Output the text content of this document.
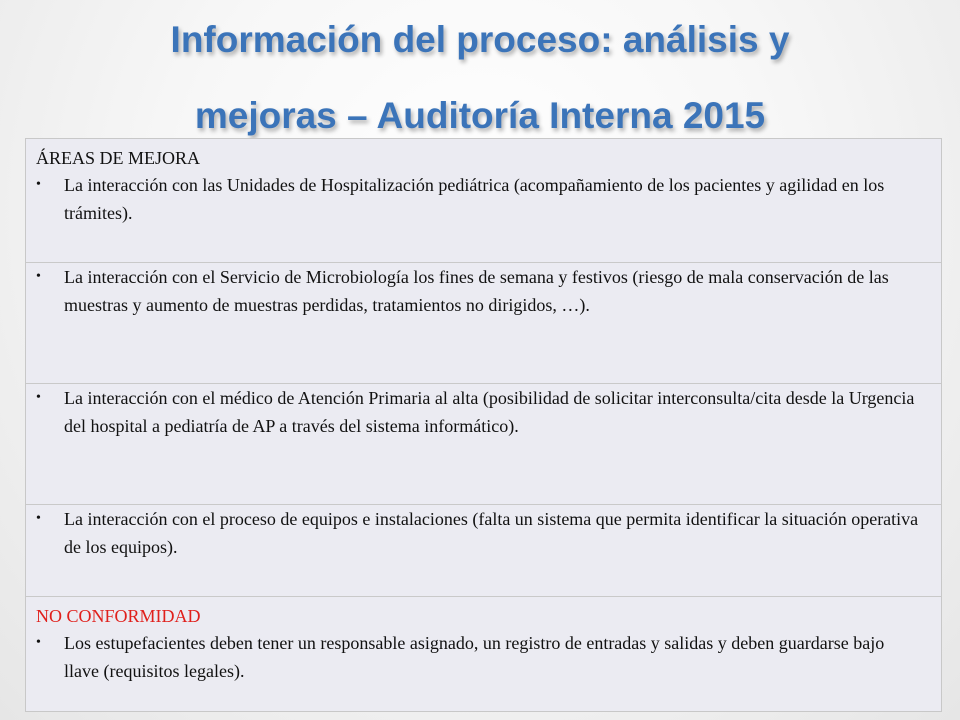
Información del proceso: análisis y
mejoras – Auditoría Interna 2015
ÁREAS DE MEJORA

•	La interacción con las Unidades de Hospitalización pediátrica (acompañamiento de los pacientes y agilidad en los trámites).

•	La interacción con el Servicio de Microbiología los fines de semana y festivos (riesgo de mala conservación de las muestras y aumento de muestras perdidas, tratamientos no dirigidos, …).

•	La interacción con el médico de Atención Primaria al alta (posibilidad de solicitar interconsulta/cita desde la Urgencia del hospital a pediatría de AP a través del sistema informático).

•	La interacción con el proceso de equipos e instalaciones (falta un sistema que permita identificar la situación operativa de los equipos).

NO CONFORMIDAD

•	Los estupefacientes deben tener un responsable asignado, un registro de entradas y salidas y deben guardarse bajo llave (requisitos legales).
